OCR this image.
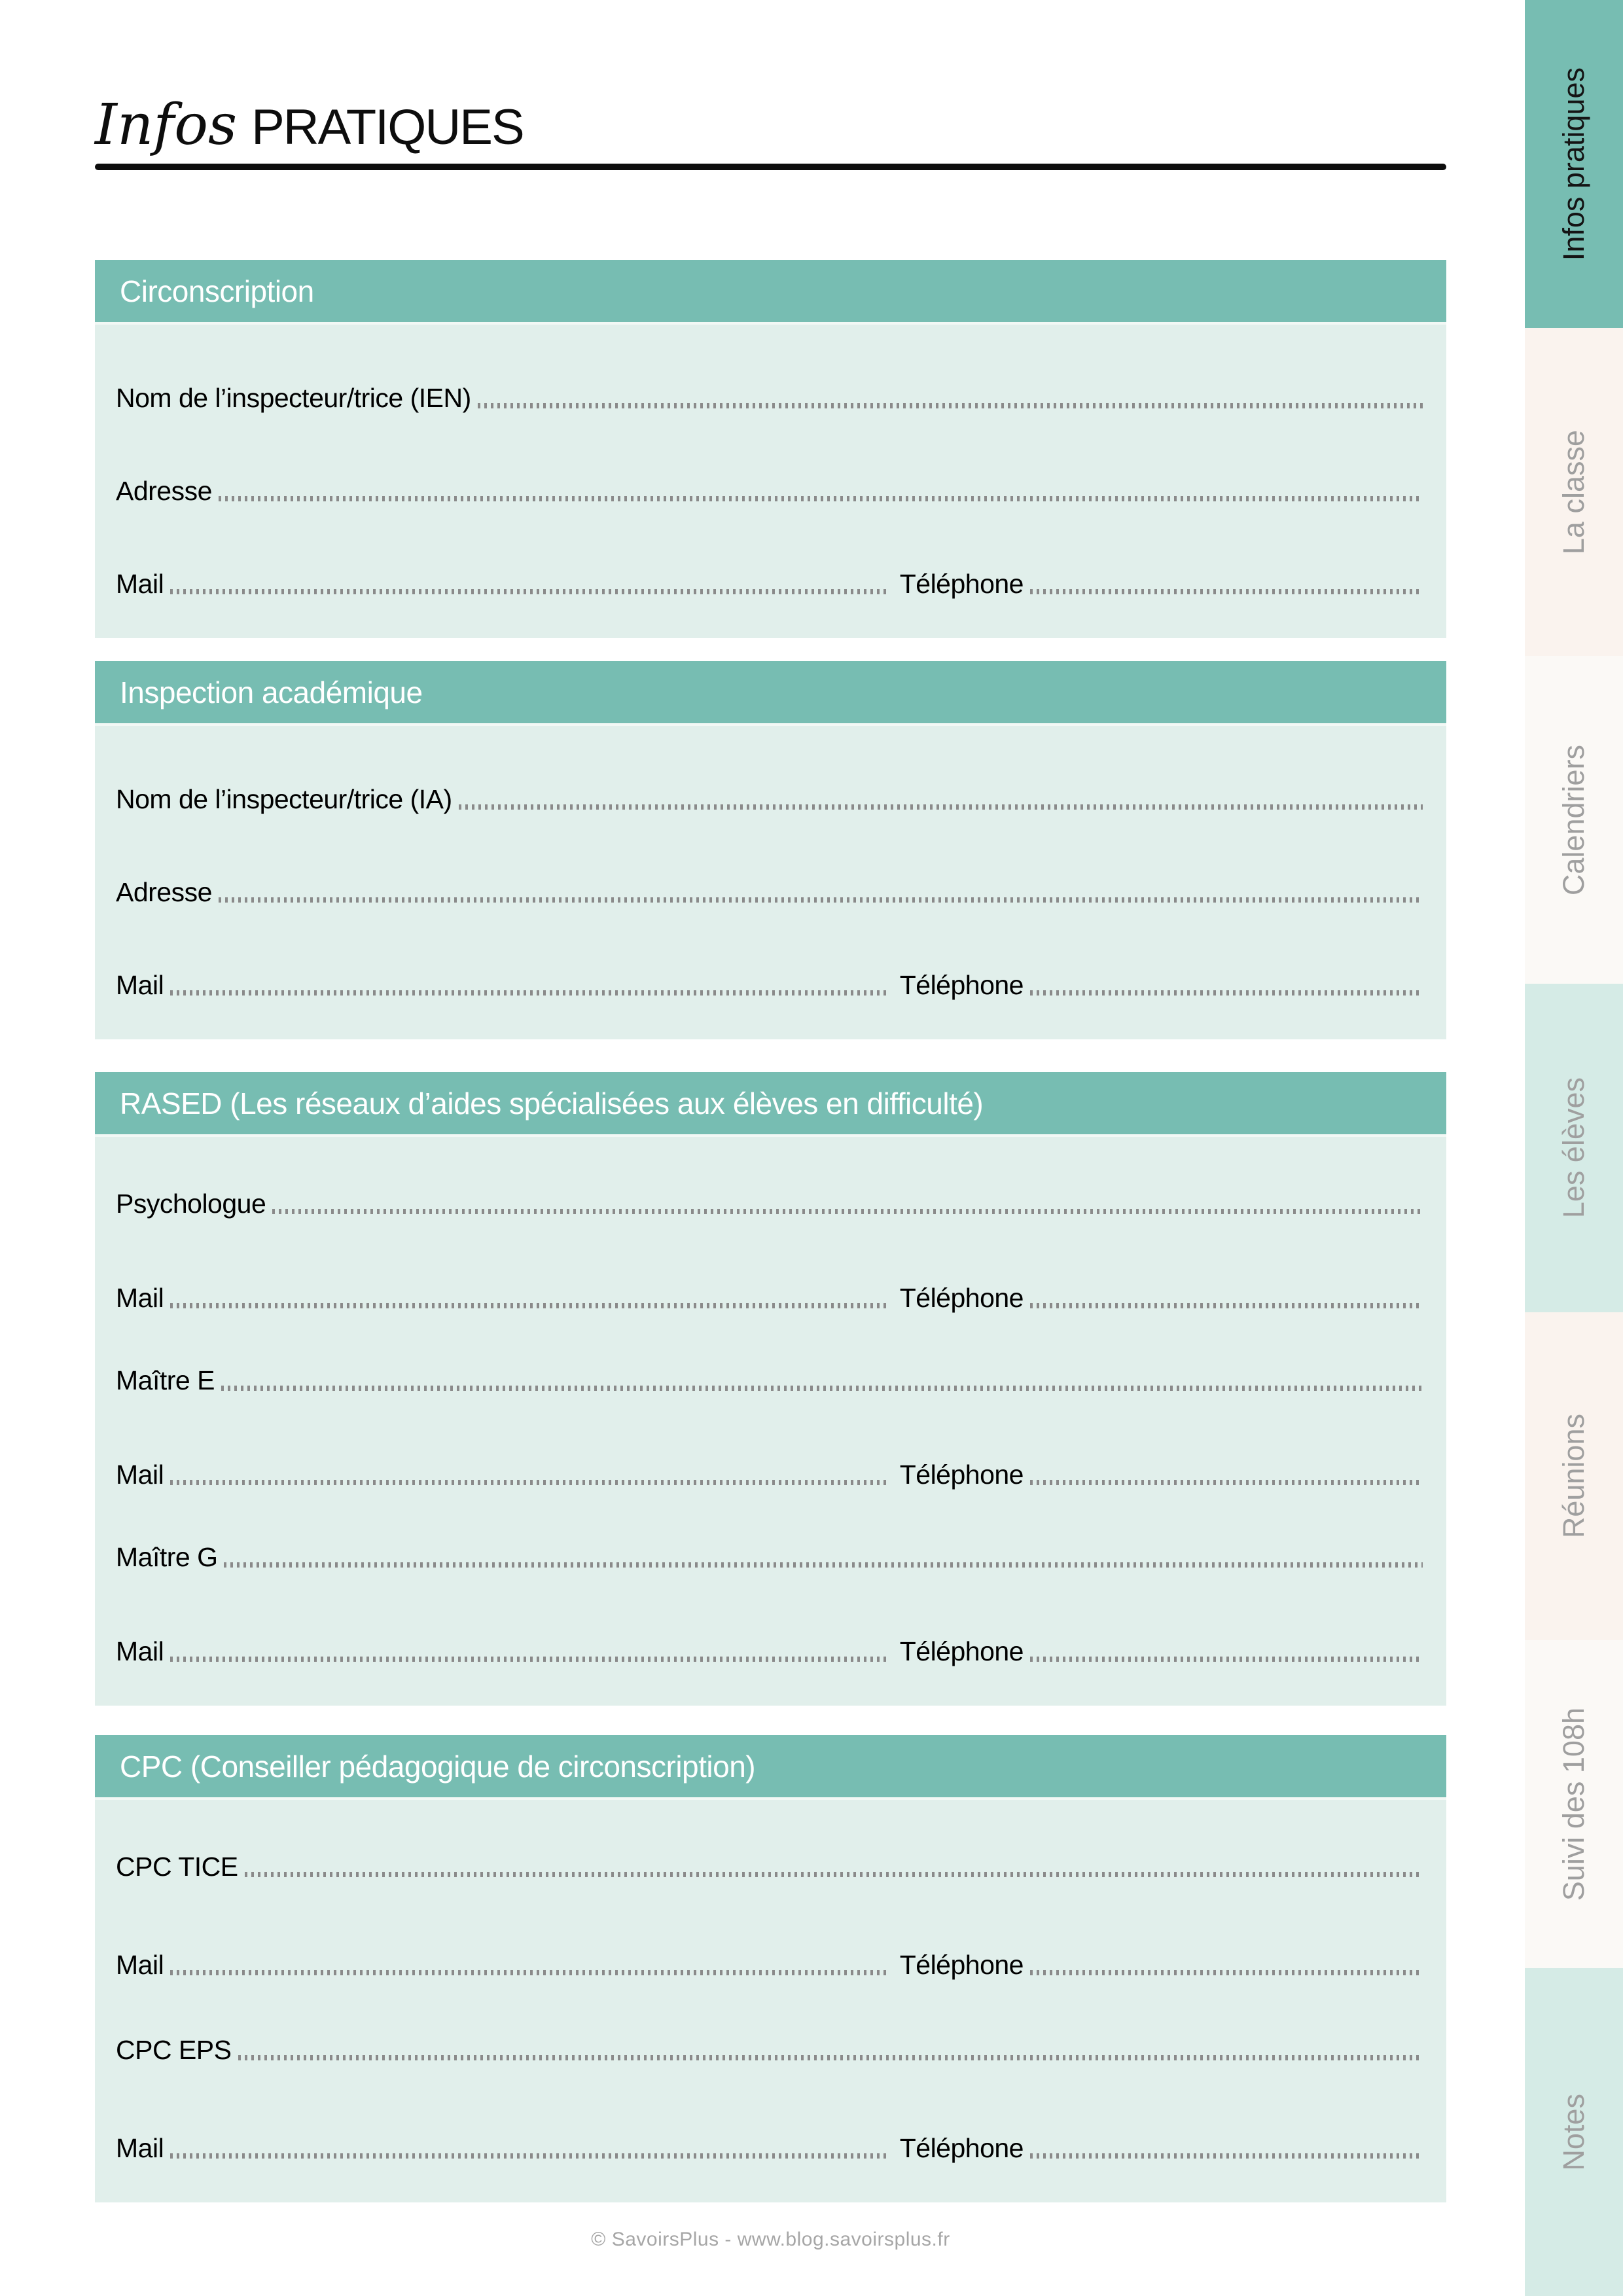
Infos PRATIQUES
Circonscription
Nom de l’inspecteur/trice (IEN)
Adresse
Mail	Téléphone
Inspection académique
Nom de l’inspecteur/trice (IA)
Adresse
Mail	Téléphone
RASED (Les réseaux d’aides spécialisées aux élèves en difficulté)
Psychologue
Mail	Téléphone
Maître E
Mail	Téléphone
Maître G
Mail	Téléphone
CPC (Conseiller pédagogique de circonscription)
CPC TICE
Mail	Téléphone
CPC EPS
Mail	Téléphone
© SavoirsPlus - www.blog.savoirsplus.fr
Infos pratiques
La classe
Calendriers
Les élèves
Réunions
Suivi des 108h
Notes
